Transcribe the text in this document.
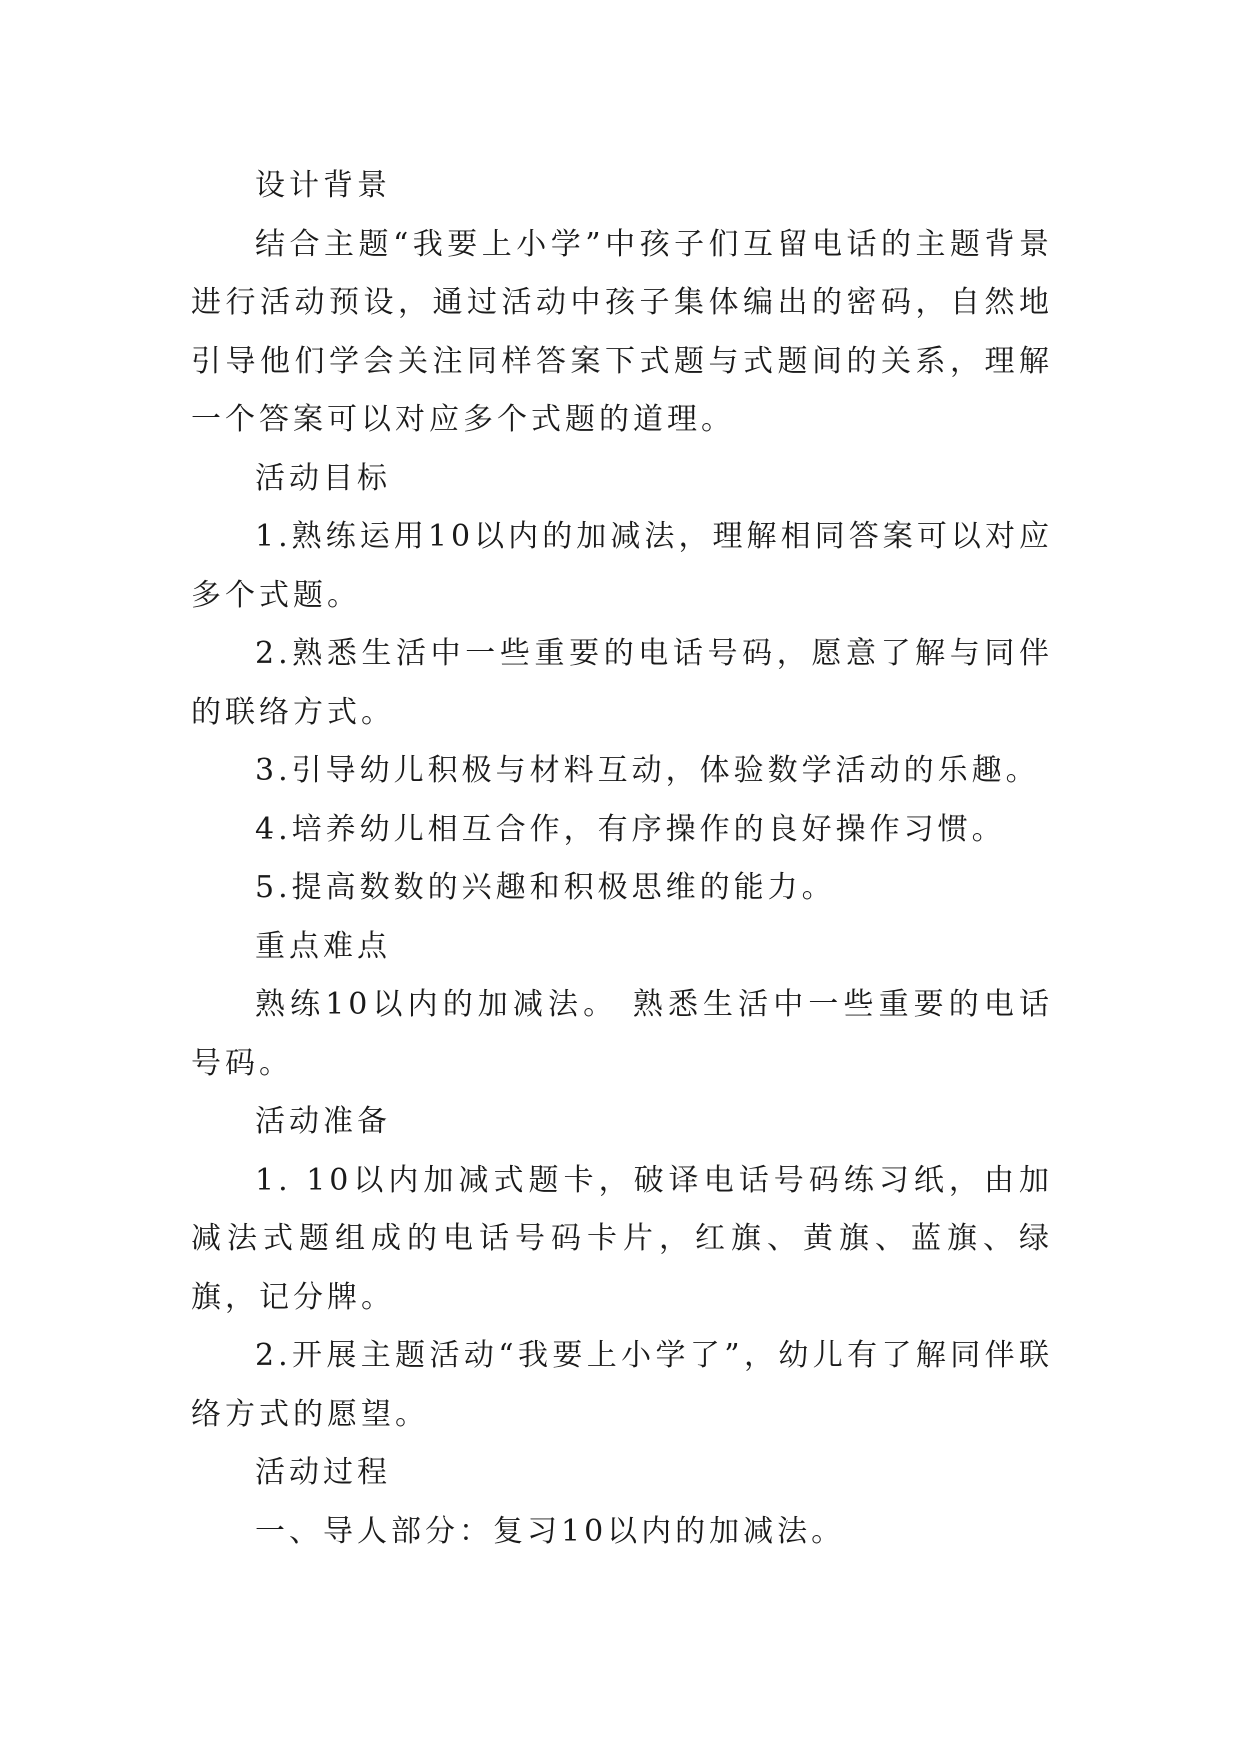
设计背景

结合主题“我要上小学”中孩子们互留电话的主题背景进行活动预设，通过活动中孩子集体编出的密码，自然地引导他们学会关注同样答案下式题与式题间的关系，理解一个答案可以对应多个式题的道理。

活动目标

1.熟练运用10以内的加减法，理解相同答案可以对应多个式题。

2.熟悉生活中一些重要的电话号码，愿意了解与同伴的联络方式。

3.引导幼儿积极与材料互动，体验数学活动的乐趣。

4.培养幼儿相互合作，有序操作的良好操作习惯。

5.提高数数的兴趣和积极思维的能力。

重点难点

熟练10以内的加减法。 熟悉生活中一些重要的电话号码。

活动准备

1. 10以内加减式题卡，破译电话号码练习纸，由加减法式题组成的电话号码卡片，红旗、黄旗、蓝旗、绿旗，记分牌。

2.开展主题活动“我要上小学了”，幼儿有了解同伴联络方式的愿望。

活动过程

一、导人部分：复习10以内的加减法。
